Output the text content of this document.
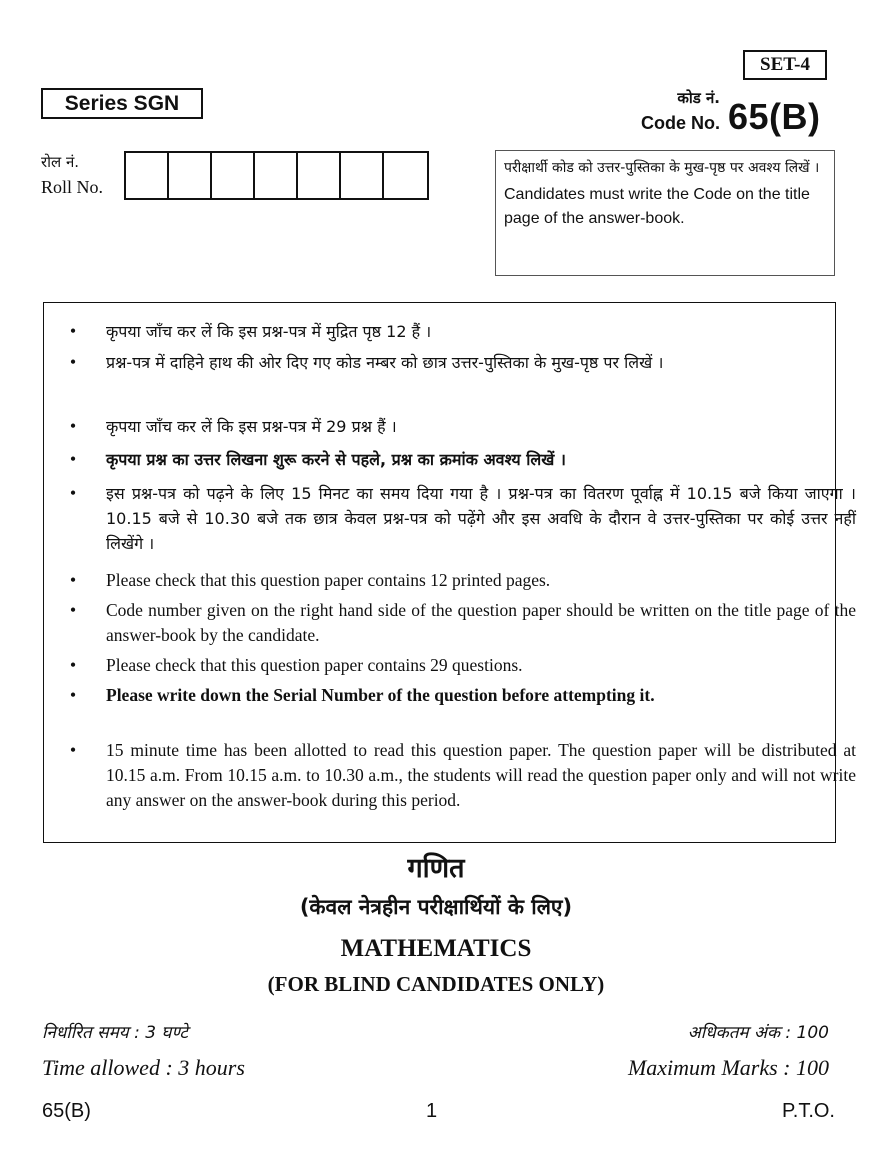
SET-4
Series SGN	कोड नं.
Code No. 65(B)
रोल नं.
Roll No.
परीक्षार्थी कोड को उत्तर-पुस्तिका के मुख-पृष्ठ पर अवश्य लिखें ।
Candidates must write the Code on the title page of the answer-book.
• कृपया जाँच कर लें कि इस प्रश्न-पत्र में मुद्रित पृष्ठ 12 हैं ।
• प्रश्न-पत्र में दाहिने हाथ की ओर दिए गए कोड नम्बर को छात्र उत्तर-पुस्तिका के मुख-पृष्ठ पर लिखें ।
• कृपया जाँच कर लें कि इस प्रश्न-पत्र में 29 प्रश्न हैं ।
• कृपया प्रश्न का उत्तर लिखना शुरू करने से पहले, प्रश्न का क्रमांक अवश्य लिखें ।
• इस प्रश्न-पत्र को पढ़ने के लिए 15 मिनट का समय दिया गया है । प्रश्न-पत्र का वितरण पूर्वाह्न में 10.15 बजे किया जाएगा । 10.15 बजे से 10.30 बजे तक छात्र केवल प्रश्न-पत्र को पढ़ेंगे और इस अवधि के दौरान वे उत्तर-पुस्तिका पर कोई उत्तर नहीं लिखेंगे ।
• Please check that this question paper contains 12 printed pages.
• Code number given on the right hand side of the question paper should be written on the title page of the answer-book by the candidate.
• Please check that this question paper contains 29 questions.
• Please write down the Serial Number of the question before attempting it.
• 15 minute time has been allotted to read this question paper. The question paper will be distributed at 10.15 a.m. From 10.15 a.m. to 10.30 a.m., the students will read the question paper only and will not write any answer on the answer-book during this period.
गणित
(केवल नेत्रहीन परीक्षार्थियों के लिए)
MATHEMATICS
(FOR BLIND CANDIDATES ONLY)
निर्धारित समय : 3 घण्टे	अधिकतम अंक : 100
Time allowed : 3 hours	Maximum Marks : 100
65(B)	1	P.T.O.
